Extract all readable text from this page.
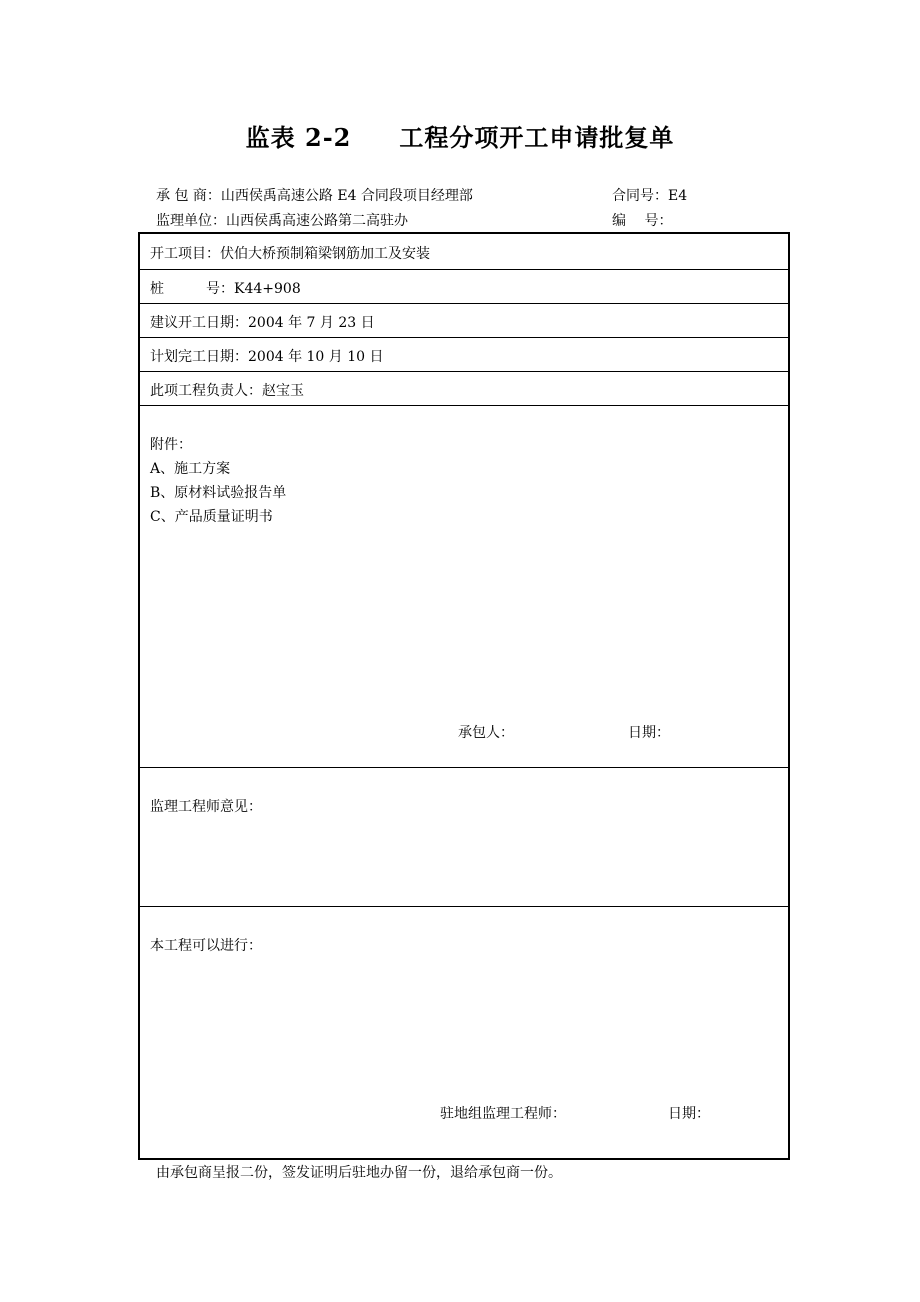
监表 2-2 工程分项开工申请批复单
承 包 商：山西侯禹高速公路 E4 合同段项目经理部	合同号：E4
监理单位：山西侯禹高速公路第二高驻办	编　 号：
开工项目：伏伯大桥预制箱梁钢筋加工及安装
桩	号：K44+908
建议开工日期：2004 年 7 月 23 日
计划完工日期：2004 年 10 月 10 日
此项工程负责人：赵宝玉
附件：
A、施工方案
B、原材料试验报告单
C、产品质量证明书
承包人：	日期：
监理工程师意见：
本工程可以进行：
驻地组监理工程师：	日期：
由承包商呈报二份，签发证明后驻地办留一份，退给承包商一份。
